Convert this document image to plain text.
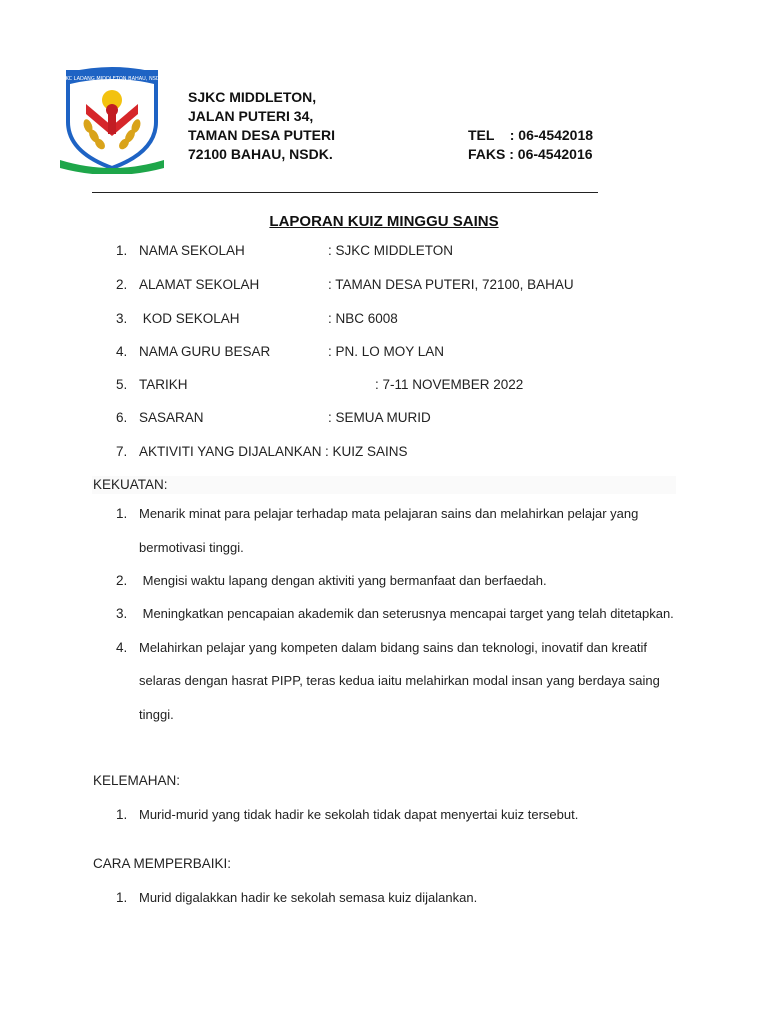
SJKC LADANG MIDDLETON BAHAU, NSDK
SJKC MIDDLETON,
JALAN PUTERI 34,
TAMAN DESA PUTERI
72100 BAHAU, NSDK.
TEL    : 06-4542018
FAKS : 06-4542016
LAPORAN KUIZ MINGGU SAINS
1. NAMA SEKOLAH	: SJKC MIDDLETON
2. ALAMAT SEKOLAH	: TAMAN DESA PUTERI, 72100, BAHAU
3. KOD SEKOLAH	: NBC 6008
4. NAMA GURU BESAR	: PN. LO MOY LAN
5. TARIKH	: 7-11 NOVEMBER 2022
6. SASARAN	: SEMUA MURID
7. AKTIVITI YANG DIJALANKAN : KUIZ SAINS
KEKUATAN:
1. Menarik minat para pelajar terhadap mata pelajaran sains dan melahirkan pelajar yang
bermotivasi tinggi.
2. Mengisi waktu lapang dengan aktiviti yang bermanfaat dan berfaedah.
3. Meningkatkan pencapaian akademik dan seterusnya mencapai target yang telah ditetapkan.
4. Melahirkan pelajar yang kompeten dalam bidang sains dan teknologi, inovatif dan kreatif
selaras dengan hasrat PIPP, teras kedua iaitu melahirkan modal insan yang berdaya saing
tinggi.
KELEMAHAN:
1. Murid-murid yang tidak hadir ke sekolah tidak dapat menyertai kuiz tersebut.
CARA MEMPERBAIKI:
1. Murid digalakkan hadir ke sekolah semasa kuiz dijalankan.
